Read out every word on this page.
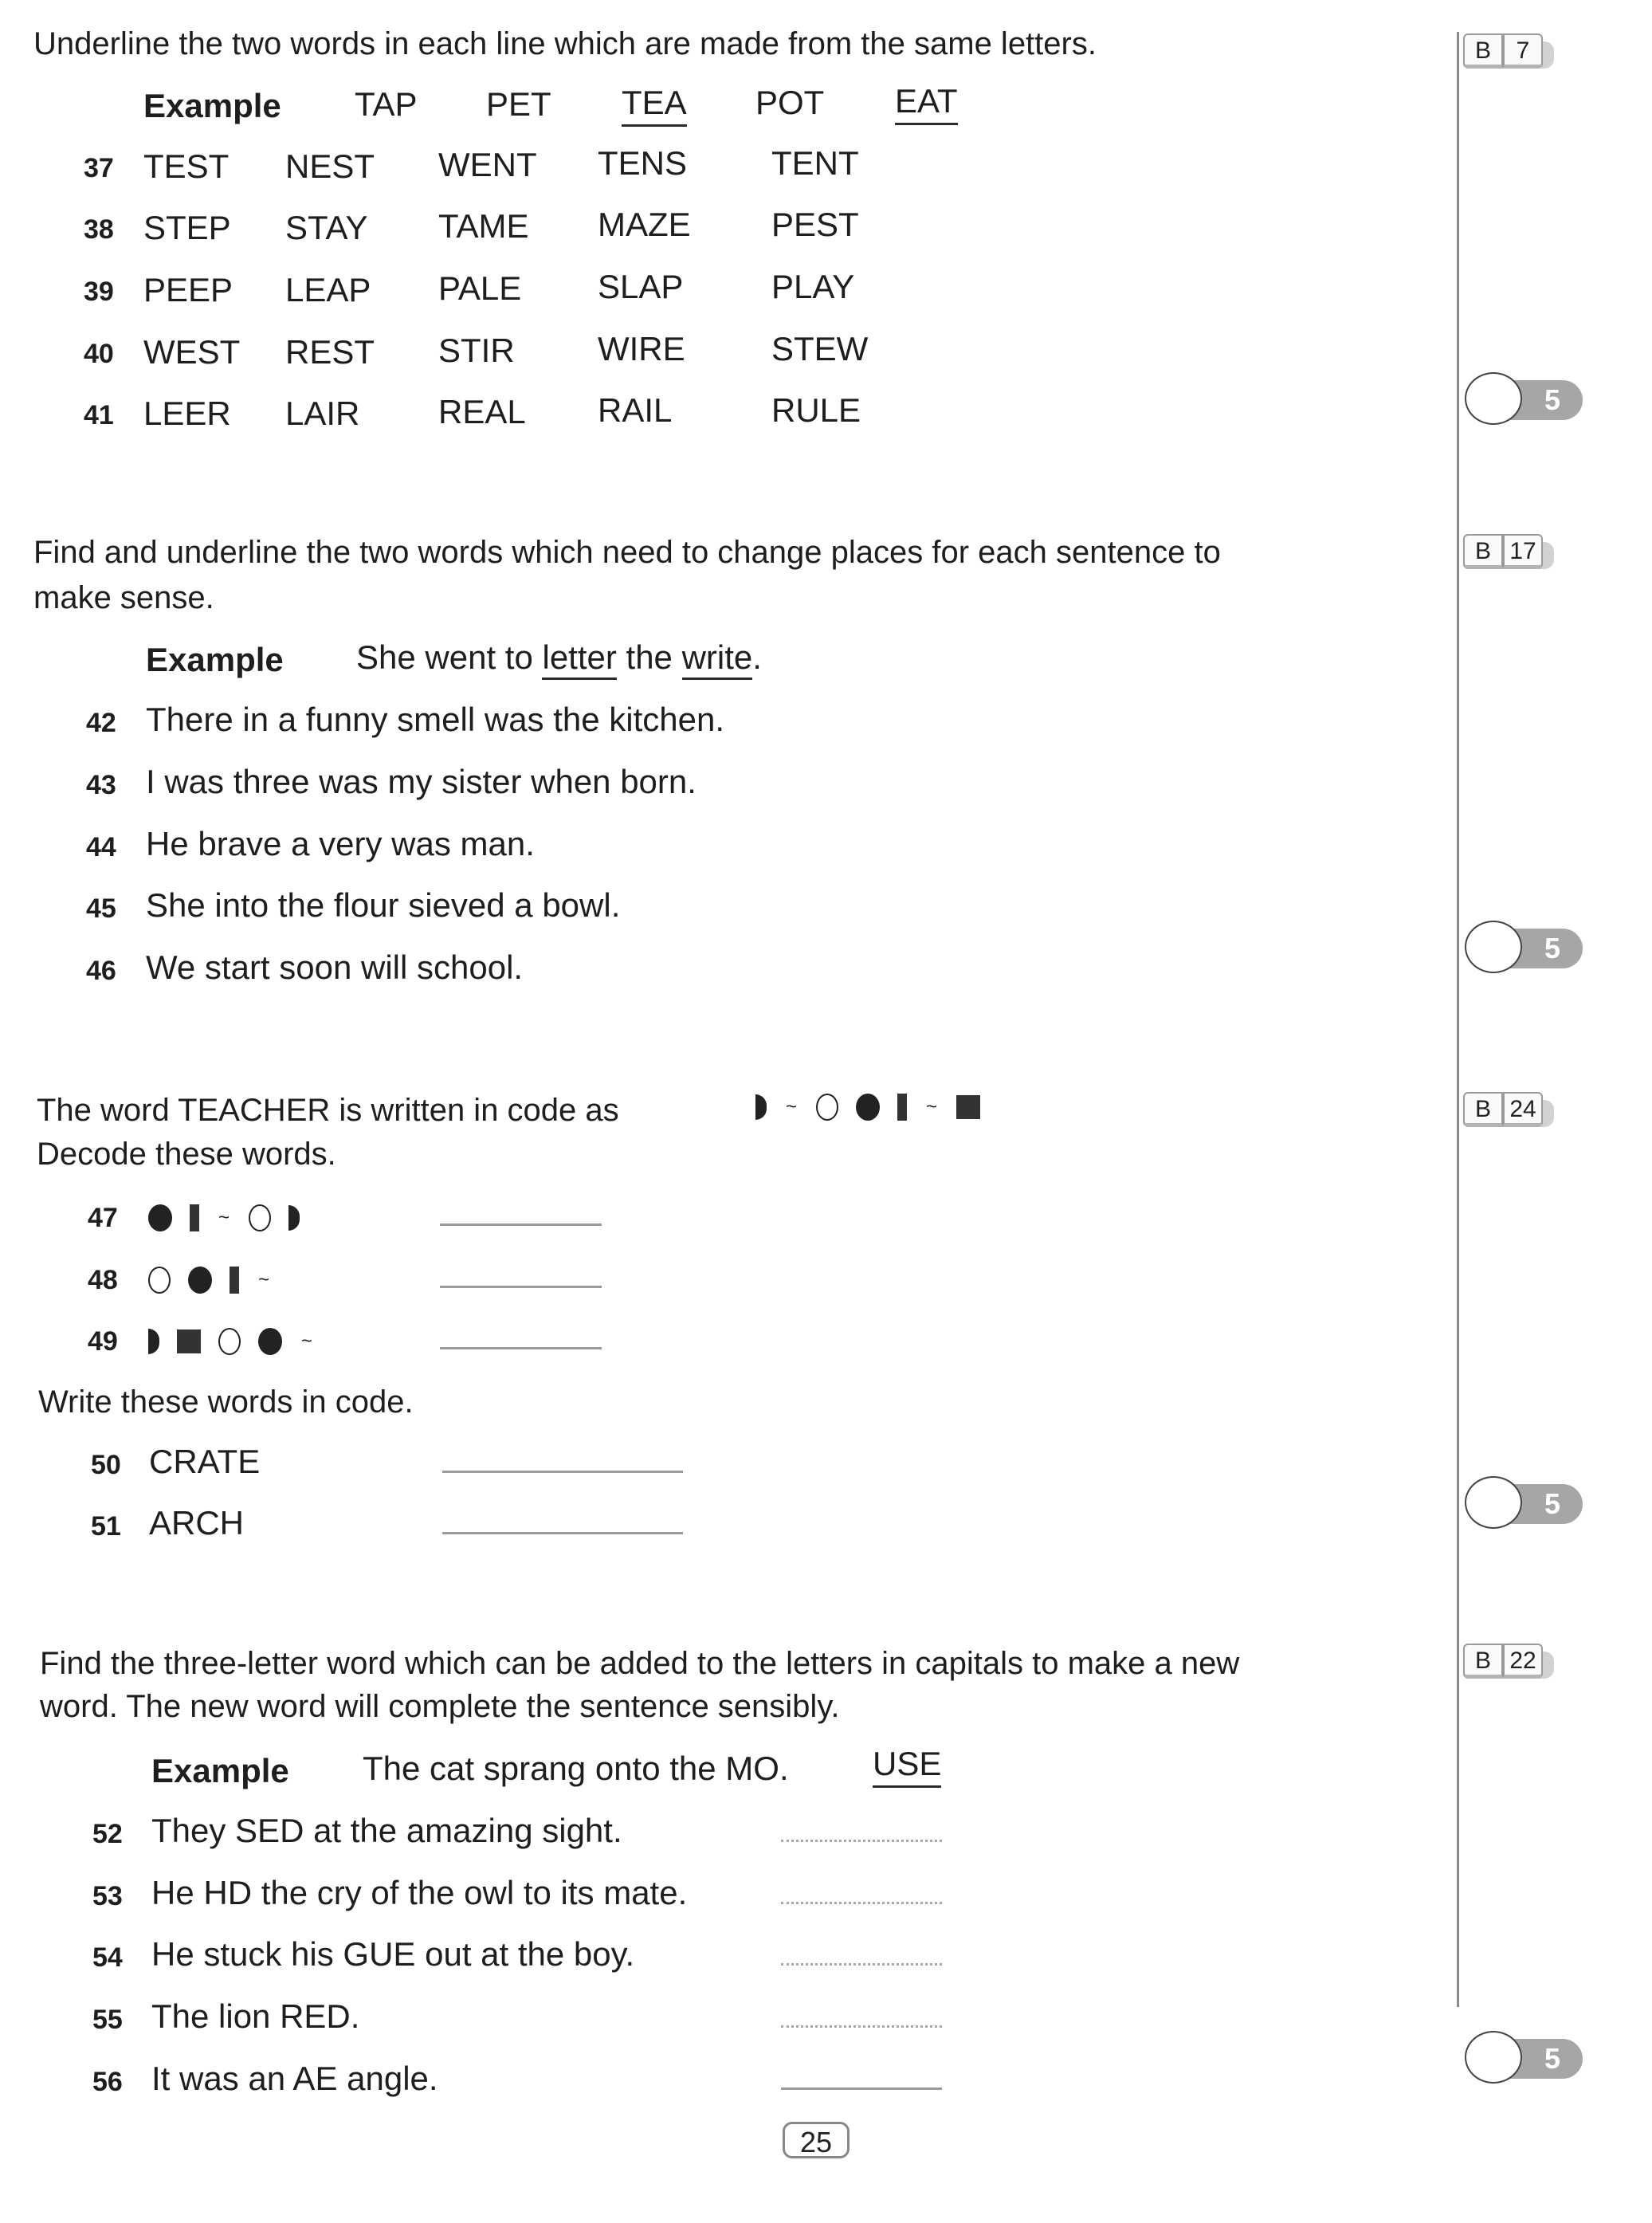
Underline the two words in each line which are made from the same letters.	B	7
Example TAP PET TEA POT EAT
37 TEST NEST WENT TENS	TENT
38 STEP STAY TAME MAZE PEST
39 PEEP LEAP PALE SLAP	PLAY
40 WEST REST STIR WIRE	STEW
41 LEER LAIR REAL RAIL	RULE	5
Find and underline the two words which need to change places for each sentence to
make sense.
B 17
Example She went to letter the write.
42 There in a funny smell was the kitchen.
43 I was three was my sister when born.
44 He brave a very was man.
45 She into the flour sieved a bowl.
46 We start soon will school.
5
The word TEACHER is written in code as	~	~
Decode these words.
B 24
47	~
48	~
49	~
Write these words in code.
50 CRATE
51 ARCH
5
Find the three-letter word which can be added to the letters in capitals to make a new
word. The new word will complete the sentence sensibly.
B 22
Example The cat sprang onto the MO.	USE
52 They SED at the amazing sight.
53 He HD the cry of the owl to its mate.
54 He stuck his GUE out at the boy.
55 The lion RED.
56 It was an AE angle.
5
25
